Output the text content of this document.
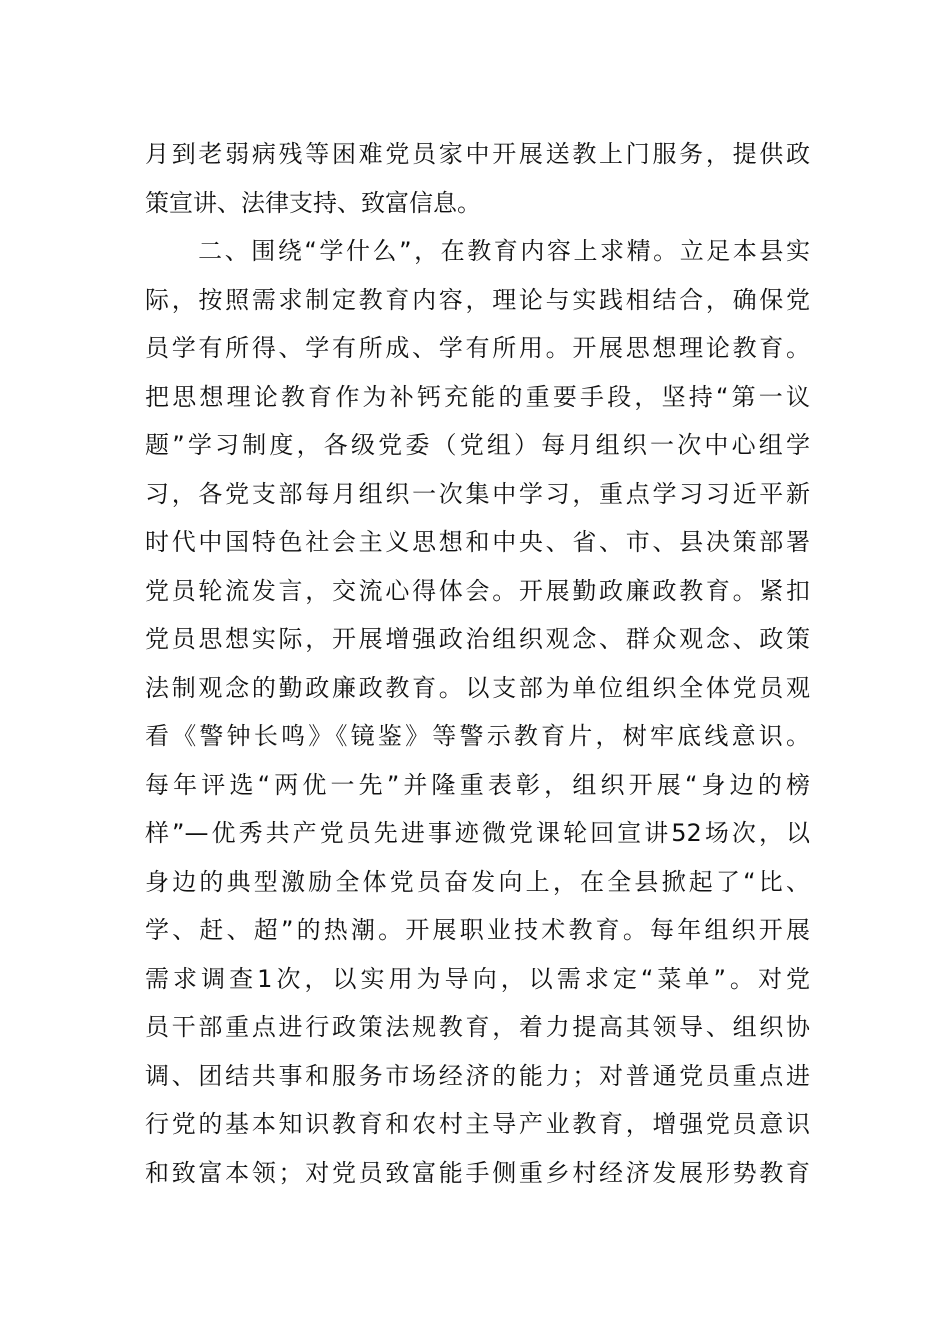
月到老弱病残等困难党员家中开展送教上门服务，提供政
策宣讲、法律支持、致富信息。
　　二、围绕“学什么”，在教育内容上求精。立足本县实
际，按照需求制定教育内容，理论与实践相结合，确保党
员学有所得、学有所成、学有所用。开展思想理论教育。
把思想理论教育作为补钙充能的重要手段，坚持“第一议
题”学习制度，各级党委（党组）每月组织一次中心组学
习，各党支部每月组织一次集中学习，重点学习习近平新
时代中国特色社会主义思想和中央、省、市、县决策部署
党员轮流发言，交流心得体会。开展勤政廉政教育。紧扣
党员思想实际，开展增强政治组织观念、群众观念、政策
法制观念的勤政廉政教育。以支部为单位组织全体党员观
看《警钟长鸣》《镜鉴》等警示教育片，树牢底线意识。
每年评选“两优一先”并隆重表彰，组织开展“身边的榜
样”—优秀共产党员先进事迹微党课轮回宣讲52场次，以
身边的典型激励全体党员奋发向上，在全县掀起了“比、
学、赶、超”的热潮。开展职业技术教育。每年组织开展
需求调查1次，以实用为导向，以需求定“菜单”。对党
员干部重点进行政策法规教育，着力提高其领导、组织协
调、团结共事和服务市场经济的能力；对普通党员重点进
行党的基本知识教育和农村主导产业教育，增强党员意识
和致富本领；对党员致富能手侧重乡村经济发展形势教育
